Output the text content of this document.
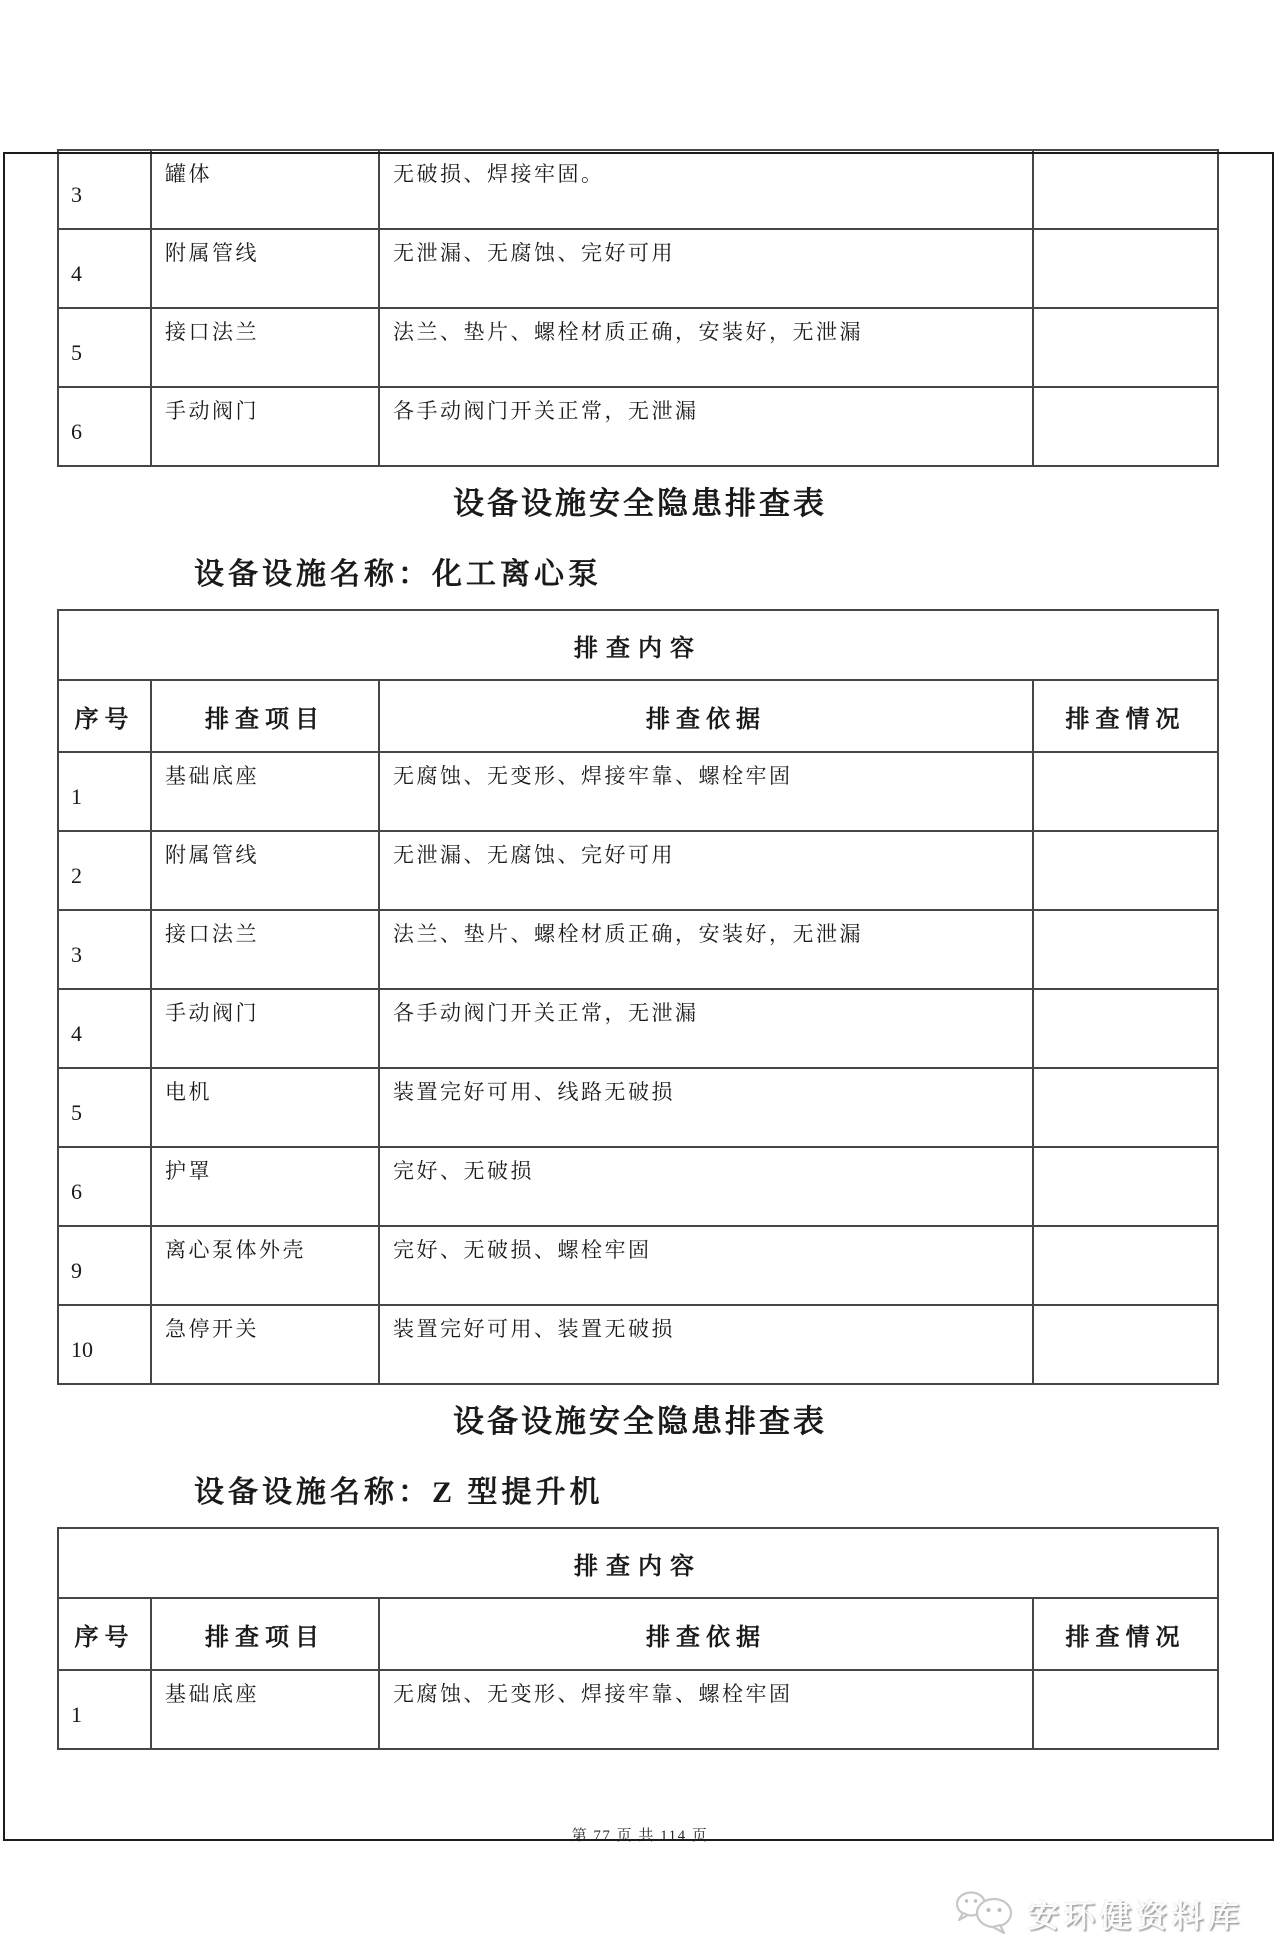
3	罐体	无破损、焊接牢固。	
4	附属管线	无泄漏、无腐蚀、完好可用	
5	接口法兰	法兰、垫片、螺栓材质正确，安装好，无泄漏	
6	手动阀门	各手动阀门开关正常，无泄漏	
设备设施安全隐患排查表
设备设施名称：化工离心泵
排查内容			
序号	排查项目	排查依据	排查情况
1	基础底座	无腐蚀、无变形、焊接牢靠、螺栓牢固	
2	附属管线	无泄漏、无腐蚀、完好可用	
3	接口法兰	法兰、垫片、螺栓材质正确，安装好，无泄漏	
4	手动阀门	各手动阀门开关正常，无泄漏	
5	电机	装置完好可用、线路无破损	
6	护罩	完好、无破损	
9	离心泵体外壳	完好、无破损、螺栓牢固	
10	急停开关	装置完好可用、装置无破损	
设备设施安全隐患排查表
设备设施名称：Z 型提升机
排查内容			
序号	排查项目	排查依据	排查情况
1	基础底座	无腐蚀、无变形、焊接牢靠、螺栓牢固	
第 77 页 共 114 页
安环健资料库
